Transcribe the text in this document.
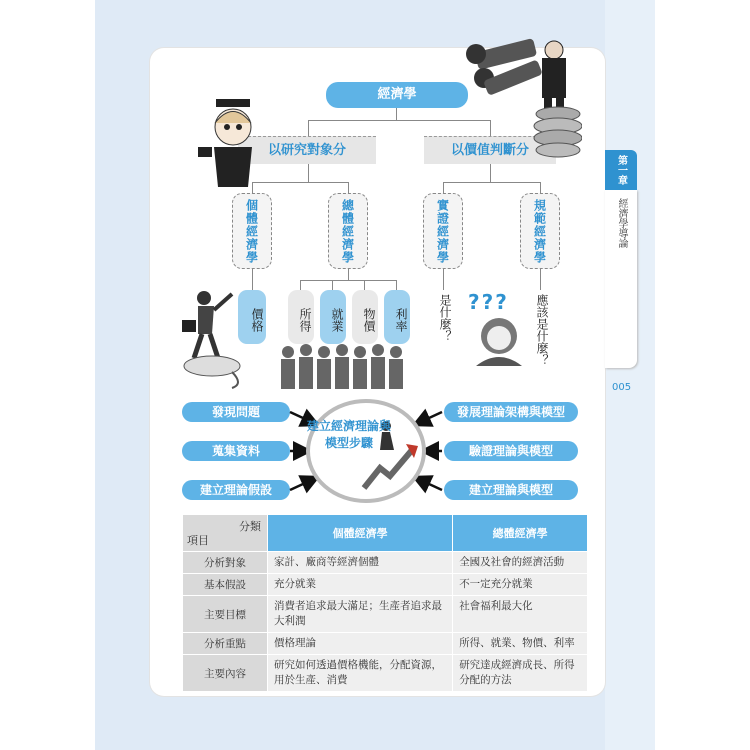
第一章
經濟學導論
005
經濟學
以研究對象分	以價值判斷分
個體經濟學	總體經濟學	實證經濟學	規範經濟學
價格	所得	就業	物價	利率	是什麼？	應該是什麼？
???
發現問題
蒐集資料
建立理論假設
發展理論架構與模型
驗證理論與模型
建立理論與模型
建立經濟理論與模型步驟
分類
項目	個體經濟學	總體經濟學
分析對象	家計、廠商等經濟個體	全國及社會的經濟活動
基本假設	充分就業	不一定充分就業
主要目標	消費者追求最大滿足；生產者追求最大利潤	社會福利最大化
分析重點	價格理論	所得、就業、物價、利率
主要內容	研究如何透過價格機能，分配資源，用於生產、消費	研究達成經濟成長、所得分配的方法
